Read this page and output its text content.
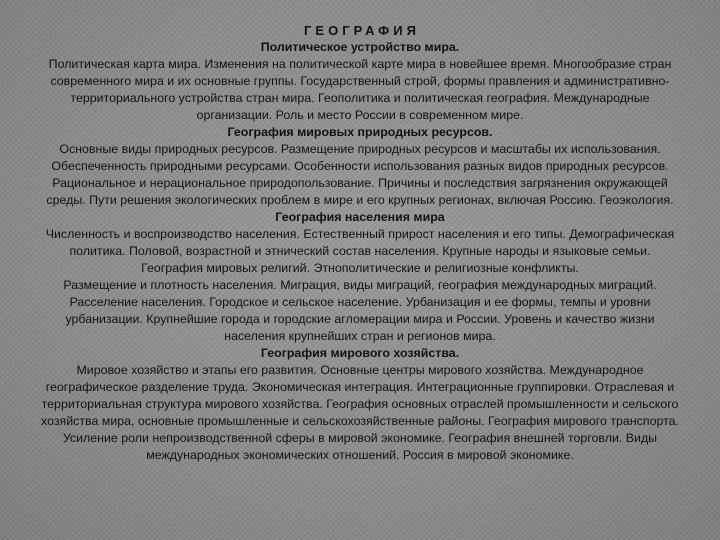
ГЕОГРАФИЯ
Политическое устройство мира.

Политическая карта мира. Изменения на политической карте мира в новейшее время. Многообразие стран современного мира и их основные группы. Государственный строй, формы правления и административно-территориального устройства стран мира. Геополитика и политическая география. Международные организации. Роль и место России в современном мире.

География мировых природных ресурсов.

Основные виды природных ресурсов. Размещение природных ресурсов и масштабы их использования. Обеспеченность природными ресурсами. Особенности использования разных видов природных ресурсов. Рациональное и нерациональное природопользование. Причины и последствия загрязнения окружающей среды. Пути решения экологических проблем в мире и его крупных регионах, включая Россию. Геоэкология.

География населения мира

Численность и воспроизводство населения. Естественный прирост населения и его типы. Демографическая политика. Половой, возрастной и этнический состав населения. Крупные народы и языковые семьи. География мировых религий. Этнополитические и религиозные конфликты.

Размещение и плотность населения. Миграция, виды миграций, география международных миграций. Расселение населения. Городское и сельское население. Урбанизация и ее формы, темпы и уровни урбанизации. Крупнейшие города и городские агломерации мира и России. Уровень и качество жизни населения крупнейших стран и регионов мира.

География мирового хозяйства.

Мировое хозяйство и этапы его развития. Основные центры мирового хозяйства. Международное географическое разделение труда. Экономическая интеграция. Интеграционные группировки. Отраслевая и территориальная структура мирового хозяйства. География основных отраслей промышленности и сельского хозяйства мира, основные промышленные и сельскохозяйственные районы. География мирового транспорта. Усиление роли непроизводственной сферы в мировой экономике. География внешней торговли. Виды международных экономических отношений. Россия в мировой экономике.
